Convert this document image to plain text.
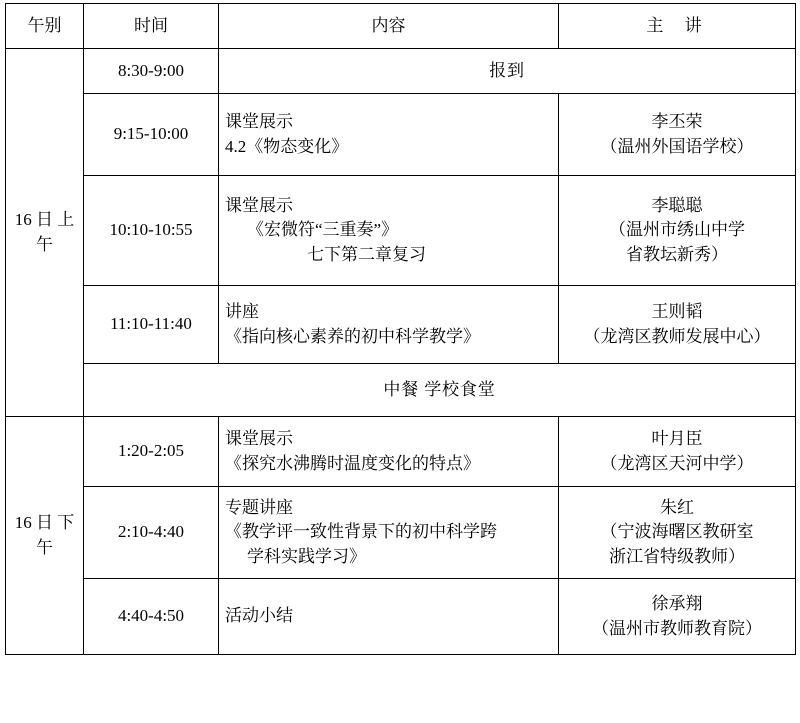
午别	时间	内容	主 讲
16 日 上午	8:30-9:00	报到	
	9:15-10:00	课堂展示
4.2《物态变化》	李丕荣
（温州外国语学校）

	10:10-10:55	课堂展示
《宏微符“三重奏”》
七下第二章复习	李聪聪
（温州市绣山中学
省教坛新秀）

	11:10-11:40	讲座
《指向核心素养的初中科学教学》	王则韬
（龙湾区教师发展中心）

	中餐 学校食堂		
16 日 下午	1:20-2:05	课堂展示
《探究水沸腾时温度变化的特点》	叶月臣
（龙湾区天河中学）

	2:10-4:40	专题讲座
《教学评一致性背景下的初中科学跨
学科实践学习》	朱红
（宁波海曙区教研室
浙江省特级教师）

	4:40-4:50	活动小结	徐承翔
（温州市教师教育院）
